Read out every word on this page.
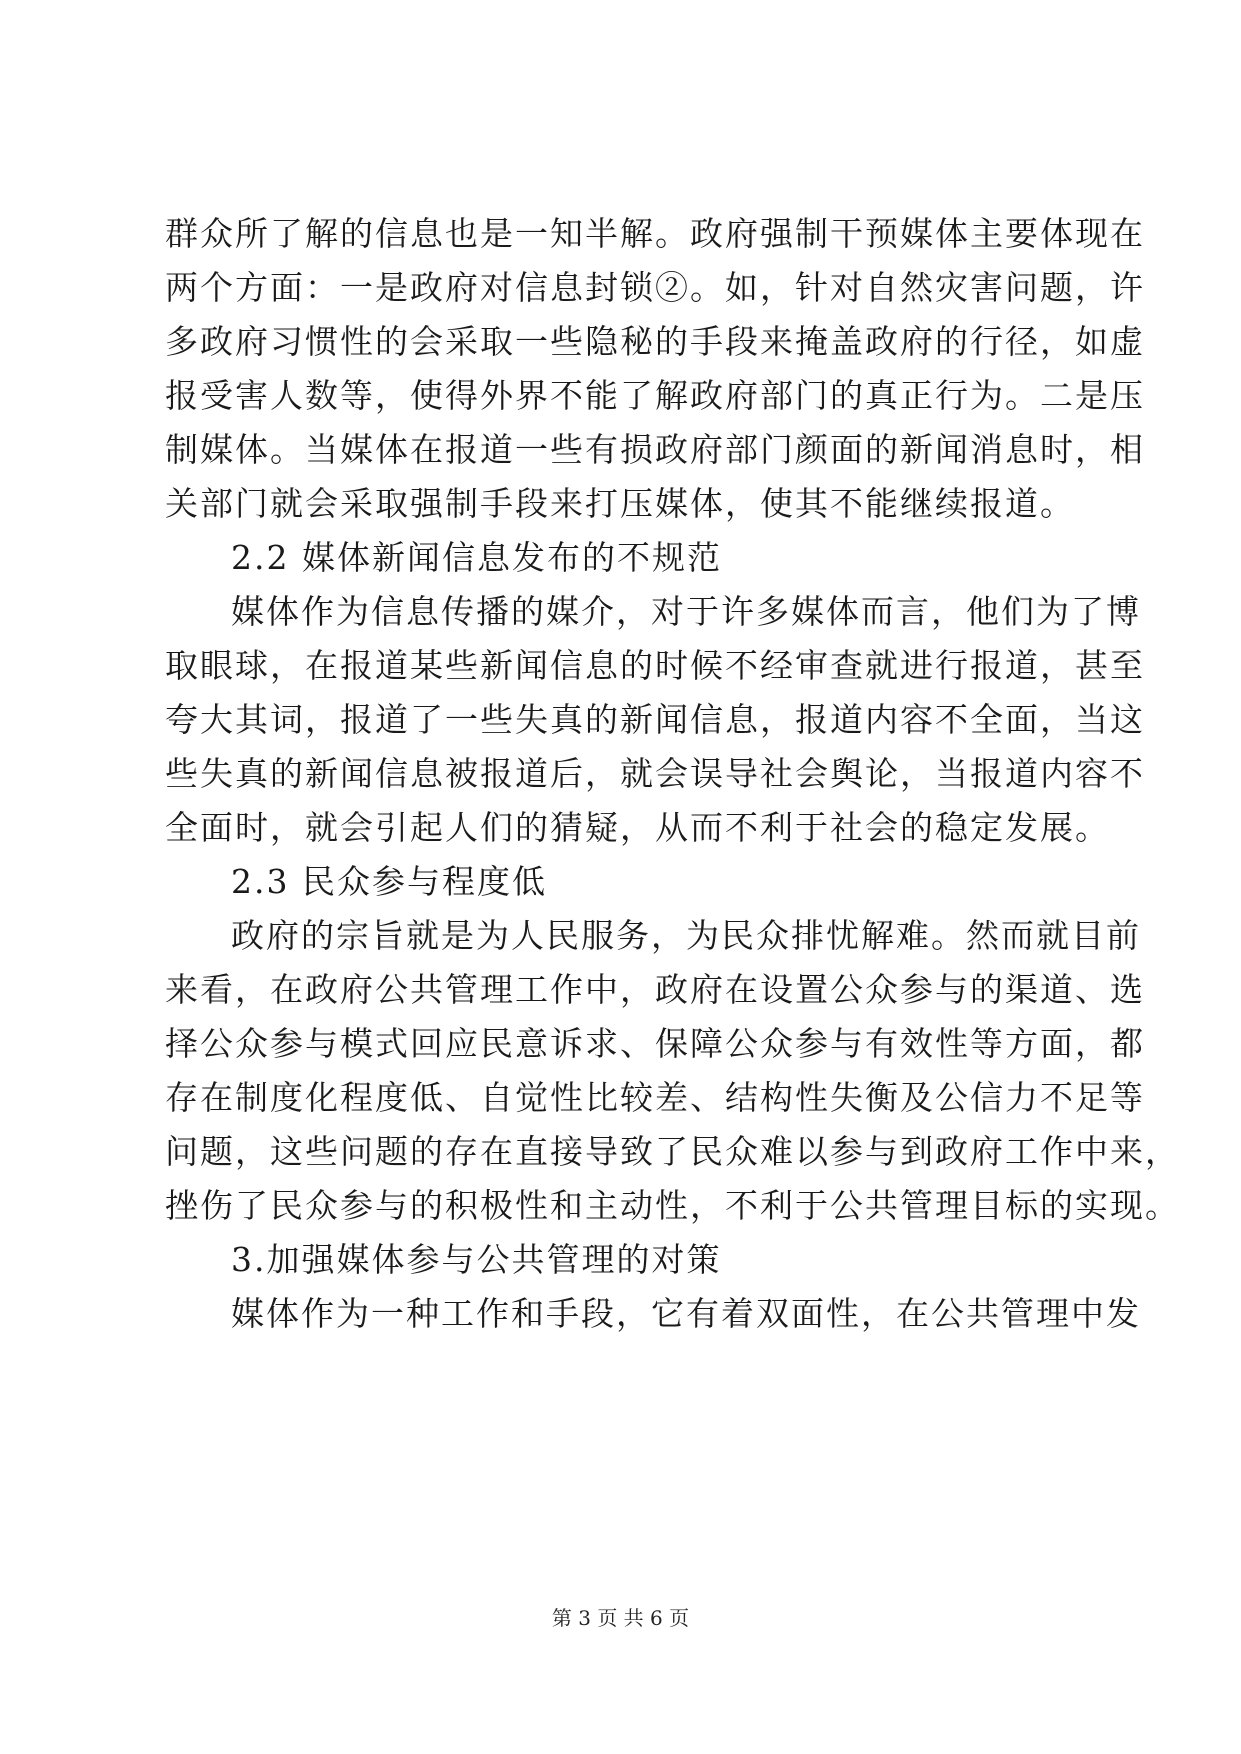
群众所了解的信息也是一知半解。政府强制干预媒体主要体现在
两个方面：一是政府对信息封锁②。如，针对自然灾害问题，许
多政府习惯性的会采取一些隐秘的手段来掩盖政府的行径，如虚
报受害人数等，使得外界不能了解政府部门的真正行为。二是压
制媒体。当媒体在报道一些有损政府部门颜面的新闻消息时，相
关部门就会采取强制手段来打压媒体，使其不能继续报道。
2.2 媒体新闻信息发布的不规范
媒体作为信息传播的媒介，对于许多媒体而言，他们为了博
取眼球，在报道某些新闻信息的时候不经审查就进行报道，甚至
夸大其词，报道了一些失真的新闻信息，报道内容不全面，当这
些失真的新闻信息被报道后，就会误导社会舆论，当报道内容不
全面时，就会引起人们的猜疑，从而不利于社会的稳定发展。
2.3 民众参与程度低
政府的宗旨就是为人民服务，为民众排忧解难。然而就目前
来看，在政府公共管理工作中，政府在设置公众参与的渠道、选
择公众参与模式回应民意诉求、保障公众参与有效性等方面，都
存在制度化程度低、自觉性比较差、结构性失衡及公信力不足等
问题，这些问题的存在直接导致了民众难以参与到政府工作中来，
挫伤了民众参与的积极性和主动性，不利于公共管理目标的实现。
3.加强媒体参与公共管理的对策
媒体作为一种工作和手段，它有着双面性，在公共管理中发
第 3 页 共 6 页
